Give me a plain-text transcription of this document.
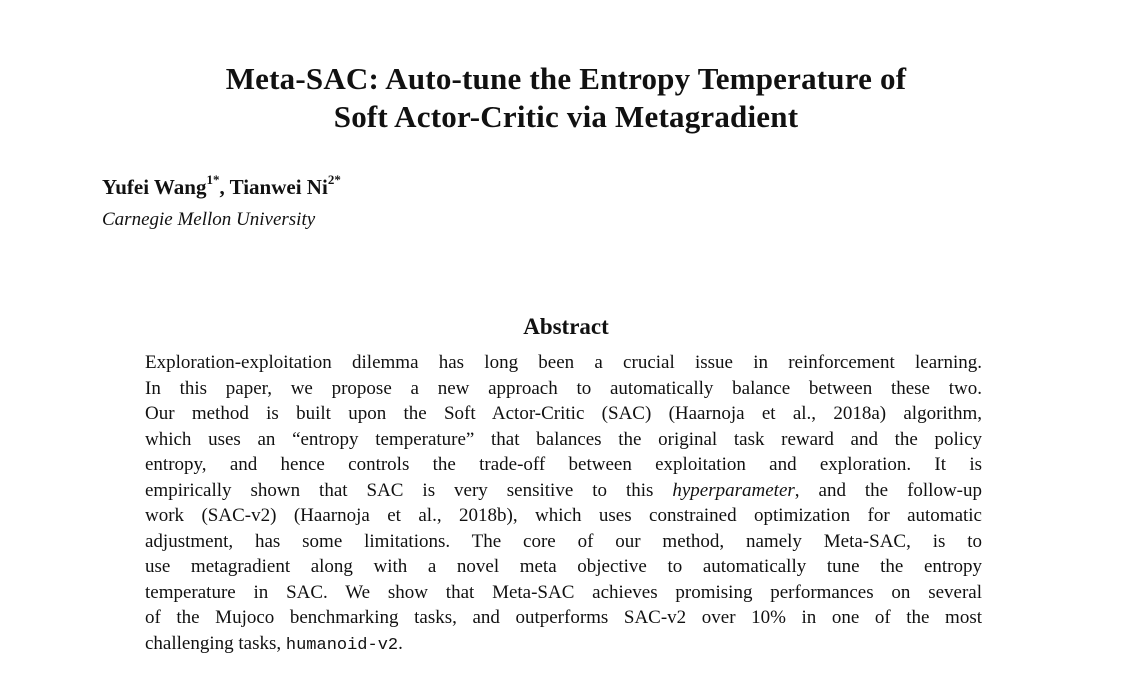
Meta-SAC: Auto-tune the Entropy Temperature of
Soft Actor-Critic via Metagradient
Yufei Wang$^{1*}$, Tianwei $Ni^{2*}$
Carnegie Mellon University
Abstract
Exploration-exploitation dilemma has long been a crucial issue in reinforcement learning.
In this paper, we propose a new approach to automatically balance between these two.
Our method is built upon the Soft Actor-Critic (SAC) (Haarnoja et al., 2018a) algorithm,
which uses an “entropy temperature” that balances the original task reward and the policy
entropy, and hence controls the trade-off between exploitation and exploration. It is
empirically shown that SAC is very sensitive to this hyperparameter, and the follow-up
work (SAC-v2) (Haarnoja et al., 2018b), which uses constrained optimization for automatic
adjustment, has some limitations. The core of our method, namely Meta-SAC, is to
use metagradient along with a novel meta objective to automatically tune the entropy
temperature in SAC. We show that Meta-SAC achieves promising performances on several
of the Mujoco benchmarking tasks, and outperforms SAC-v2 over 10% in one of the most
challenging tasks, humanoid-v2.
